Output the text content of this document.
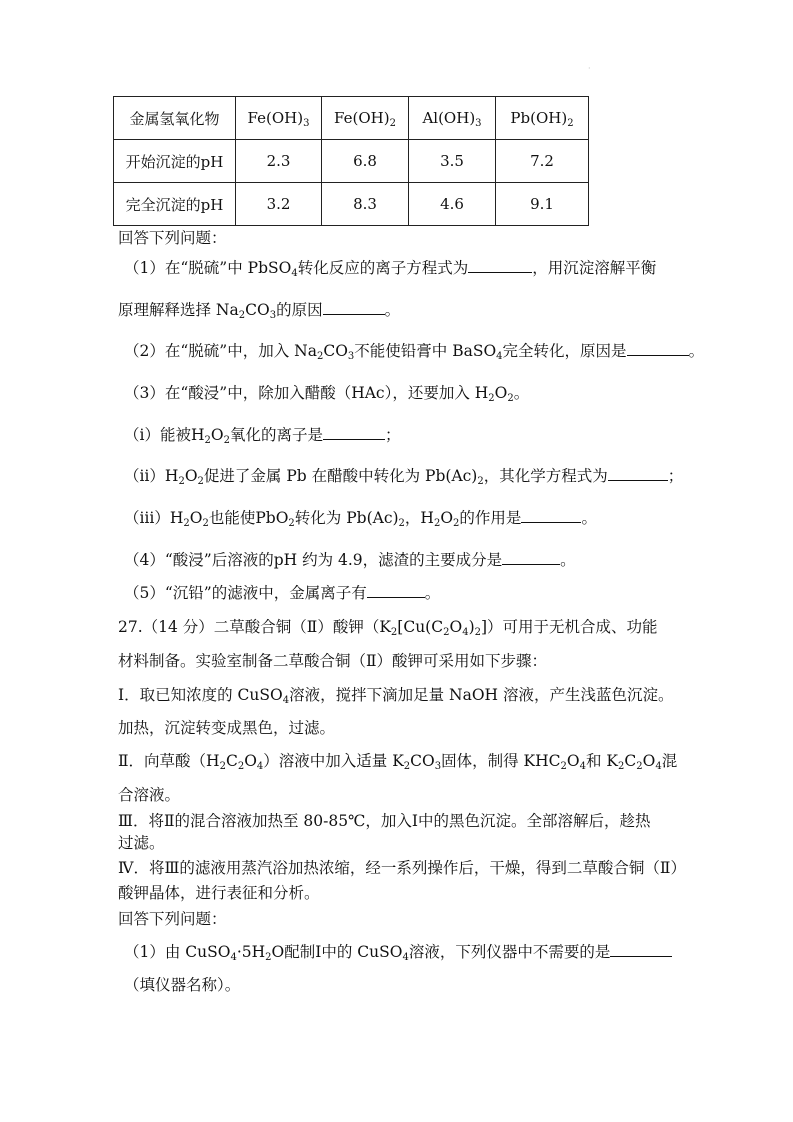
·
金属氢氧化物	$Fe(OH)_3$	$Fe(OH)_2$	$Al(OH)_3$	$Pb(OH)_2$
开始沉淀的pH	2.3	6.8	3.5	7.2
完全沉淀的pH	3.2	8.3	4.6	9.1
回答下列问题：
（1）在“脱硫”中 PbSO$_4$转化反应的离子方程式为	，用沉淀溶解平衡
原理解释选择 $Na_2CO_3$的原因	。
（2）在“脱硫”中，加入 $Na_2CO_3$不能使铅膏中 BaSO$_4$完全转化，原因是	。
（3）在“酸浸”中，除加入醋酸（HAc），还要加入 $H_2O_2$。
（ⅰ）能被$H_2O_2$氧化的离子是	；
$(ⅱ)H_2O_2$促进了金属 Pb 在醋酸中转化为 $Pb(Ac)_2$，其化学方程式为	；
$(ⅲ)H_2O_2$也能使PbO$_2$转化为 $Pb(Ac)_2$，$H_2O_2$的作用是	。
（4）“酸浸”后溶液的pH 约为 4.9，滤渣的主要成分是	。
（5）“沉铅”的滤液中，金属离子有	。
27.（14 分）二草酸合铜（Ⅱ）酸钾$(K_2[Cu(C_2O_4)_2])$可用于无机合成、功能
材料制备。实验室制备二草酸合铜（Ⅱ）酸钾可采用如下步骤：
Ⅰ．取已知浓度的 CuSO$_4$溶液，搅拌下滴加足量 NaOH 溶液，产生浅蓝色沉淀。
加热，沉淀转变成黑色，过滤。
Ⅱ．向草酸$(H_2C_2O_4)$溶液中加入适量 $K_2CO_3$固体，制得 $KHC_2O_4$和 $K_2C_2O_4$混
合溶液。
Ⅲ．将Ⅱ的混合溶液加热至 80-85℃，加入Ⅰ中的黑色沉淀。全部溶解后，趁热
过滤。
Ⅳ．将Ⅲ的滤液用蒸汽浴加热浓缩，经一系列操作后，干燥，得到二草酸合铜（Ⅱ）
酸钾晶体，进行表征和分析。
回答下列问题：
（1）由 $CuSO_4\cdot 5H_2O$配制Ⅰ中的 CuSO$_4$溶液，下列仪器中不需要的是
（填仪器名称）。
